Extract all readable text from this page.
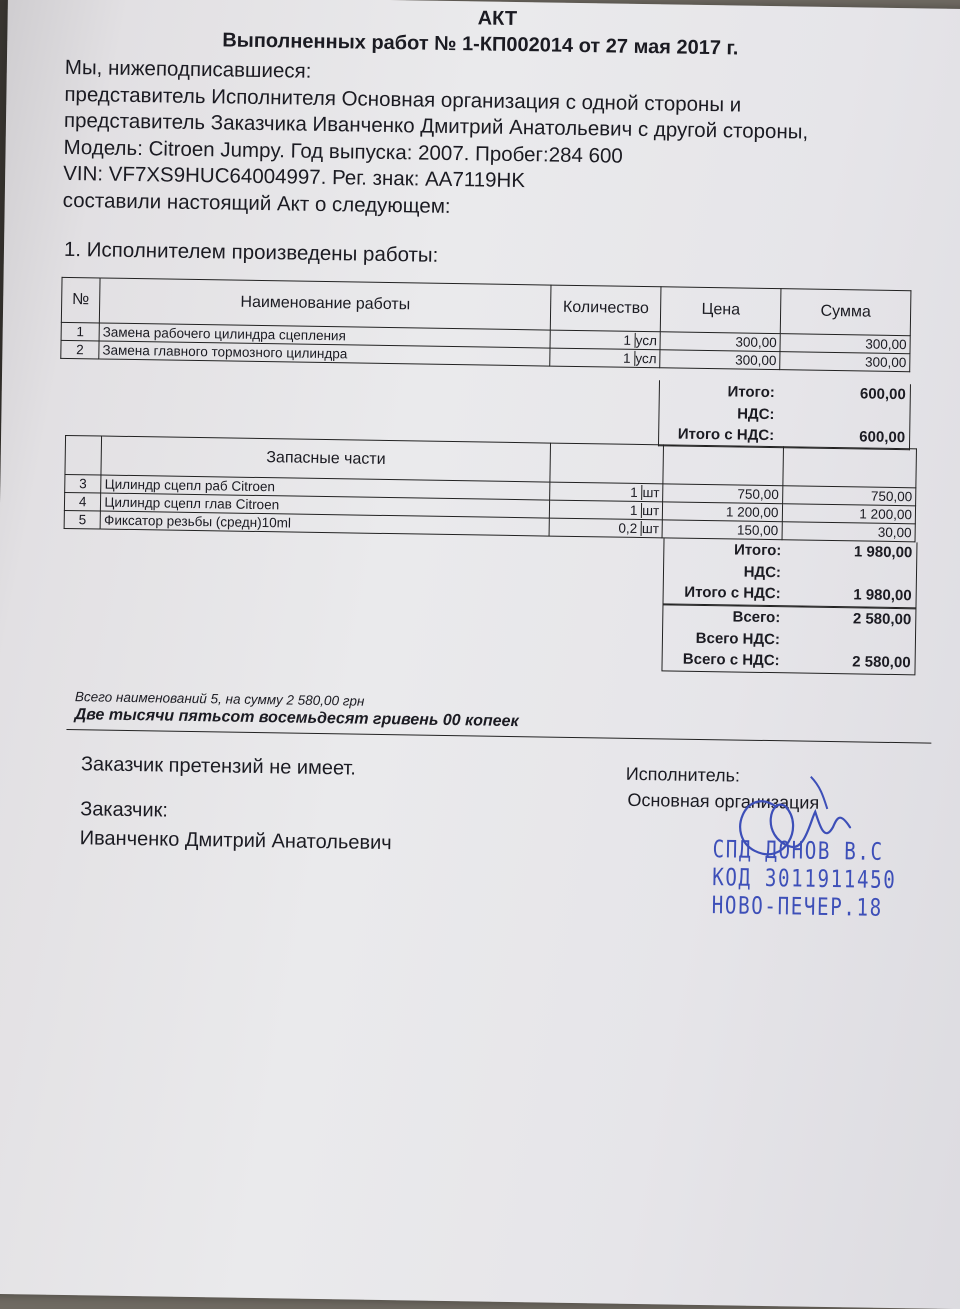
АКТ
Выполненных работ № 1-КП002014 от 27 мая 2017 г.
Мы, нижеподписавшиеся:
представитель Исполнителя Основная организация с одной стороны и
представитель Заказчика Иванченко Дмитрий Анатольевич с другой стороны,
Модель: Citroen Jumpy. Год выпуска: 2007. Пробег:284 600
VIN: VF7XS9HUC64004997. Рег. знак: AA7119HK
составили настоящий Акт о следующем:
1. Исполнителем произведены работы:
№	Наименование работы	Количество	Цена	Сумма
1	Замена рабочего цилиндра сцепления	1 усл	300,00	300,00
2	Замена главного тормозного цилиндра	1 усл	300,00	300,00
Итого:	600,00
НДС:
Итого с НДС:	600,00
	Запасные части			
3	Цилиндр сцепл раб Citroen	1 шт	750,00	750,00
4	Цилиндр сцепл глав Citroen	1 шт	1 200,00	1 200,00
5	Фиксатор резьбы (средн)10ml	0,2 шт	150,00	30,00
Итого:	1 980,00
НДС:
Итого с НДС:	1 980,00
Всего:	2 580,00
Всего НДС:
Всего с НДС:	2 580,00
Всего наименований 5, на сумму 2 580,00 грн
Две тысячи пятьсот восемьдесят гривень 00 копеек
Заказчик претензий не имеет.
Заказчик:
Иванченко Дмитрий Анатольевич
Исполнитель:
Основная организация
СПД ДОНОВ В.С
КОД 3011911450
НОВО-ПЕЧЕР.18
